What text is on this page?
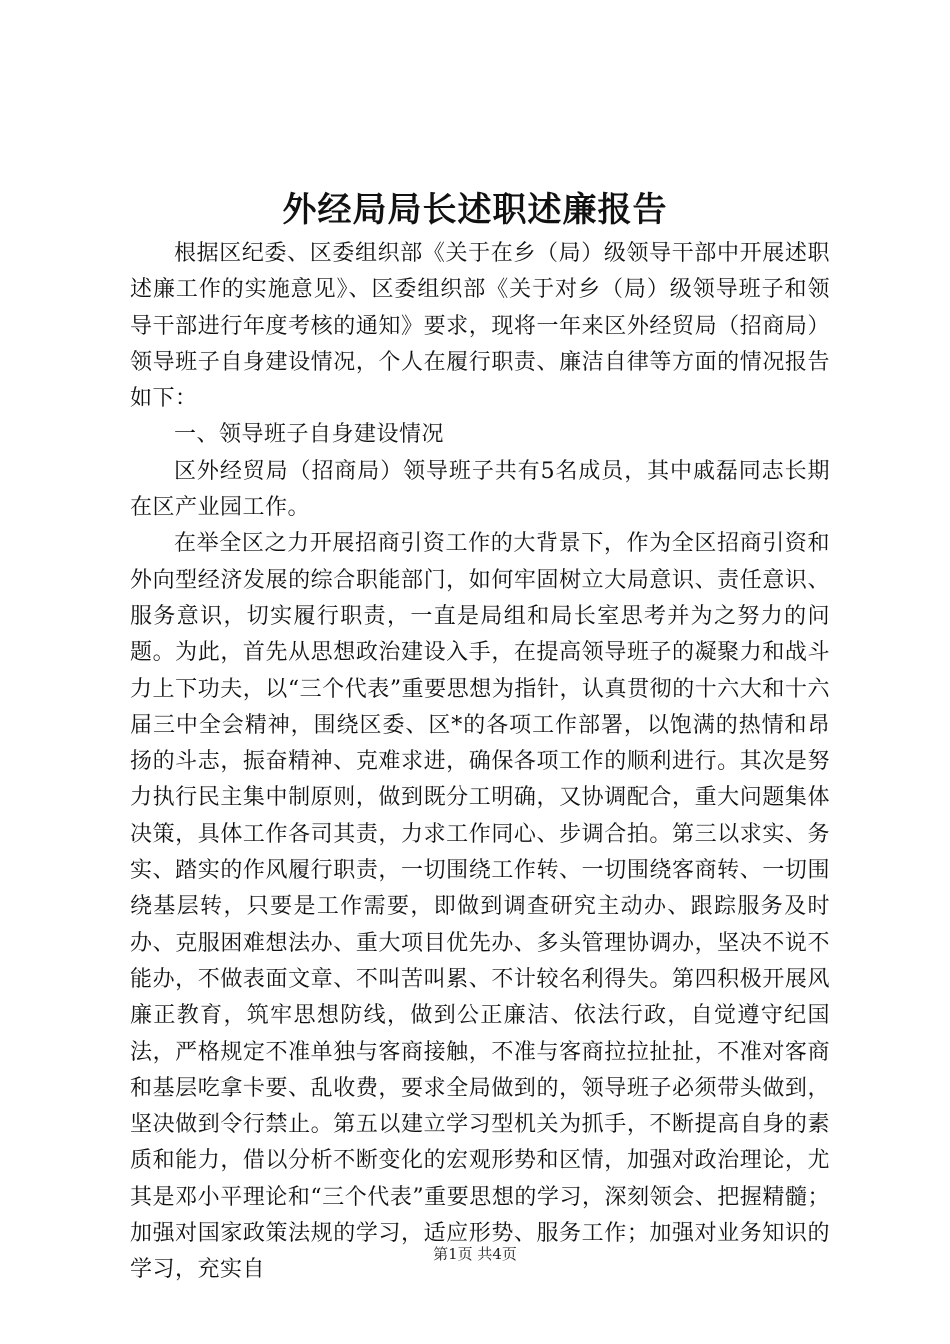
外经局局长述职述廉报告

根据区纪委、区委组织部《关于在乡（局）级领导干部中开展述职述廉工作的实施意见》、区委组织部《关于对乡（局）级领导班子和领导干部进行年度考核的通知》要求，现将一年来区外经贸局（招商局）领导班子自身建设情况，个人在履行职责、廉洁自律等方面的情况报告如下：

一、领导班子自身建设情况

区外经贸局（招商局）领导班子共有5名成员，其中戚磊同志长期在区产业园工作。

在举全区之力开展招商引资工作的大背景下，作为全区招商引资和外向型经济发展的综合职能部门，如何牢固树立大局意识、责任意识、服务意识，切实履行职责，一直是局组和局长室思考并为之努力的问题。为此，首先从思想政治建设入手，在提高领导班子的凝聚力和战斗力上下功夫，以“三个代表”重要思想为指针，认真贯彻的十六大和十六届三中全会精神，围绕区委、区*的各项工作部署，以饱满的热情和昂扬的斗志，振奋精神、克难求进，确保各项工作的顺利进行。其次是努力执行民主集中制原则，做到既分工明确，又协调配合，重大问题集体决策，具体工作各司其责，力求工作同心、步调合拍。第三以求实、务实、踏实的作风履行职责，一切围绕工作转、一切围绕客商转、一切围绕基层转，只要是工作需要，即做到调查研究主动办、跟踪服务及时办、克服困难想法办、重大项目优先办、多头管理协调办，坚决不说不能办，不做表面文章、不叫苦叫累、不计较名利得失。第四积极开展风廉正教育，筑牢思想防线，做到公正廉洁、依法行政，自觉遵守纪国法，严格规定不准单独与客商接触，不准与客商拉拉扯扯，不准对客商和基层吃拿卡要、乱收费，要求全局做到的，领导班子必须带头做到，坚决做到令行禁止。第五以建立学习型机关为抓手，不断提高自身的素质和能力，借以分析不断变化的宏观形势和区情，加强对政治理论，尤其是邓小平理论和“三个代表”重要思想的学习，深刻领会、把握精髓；加强对国家政策法规的学习，适应形势、服务工作；加强对业务知识的学习，充实自

第1页 共4页
